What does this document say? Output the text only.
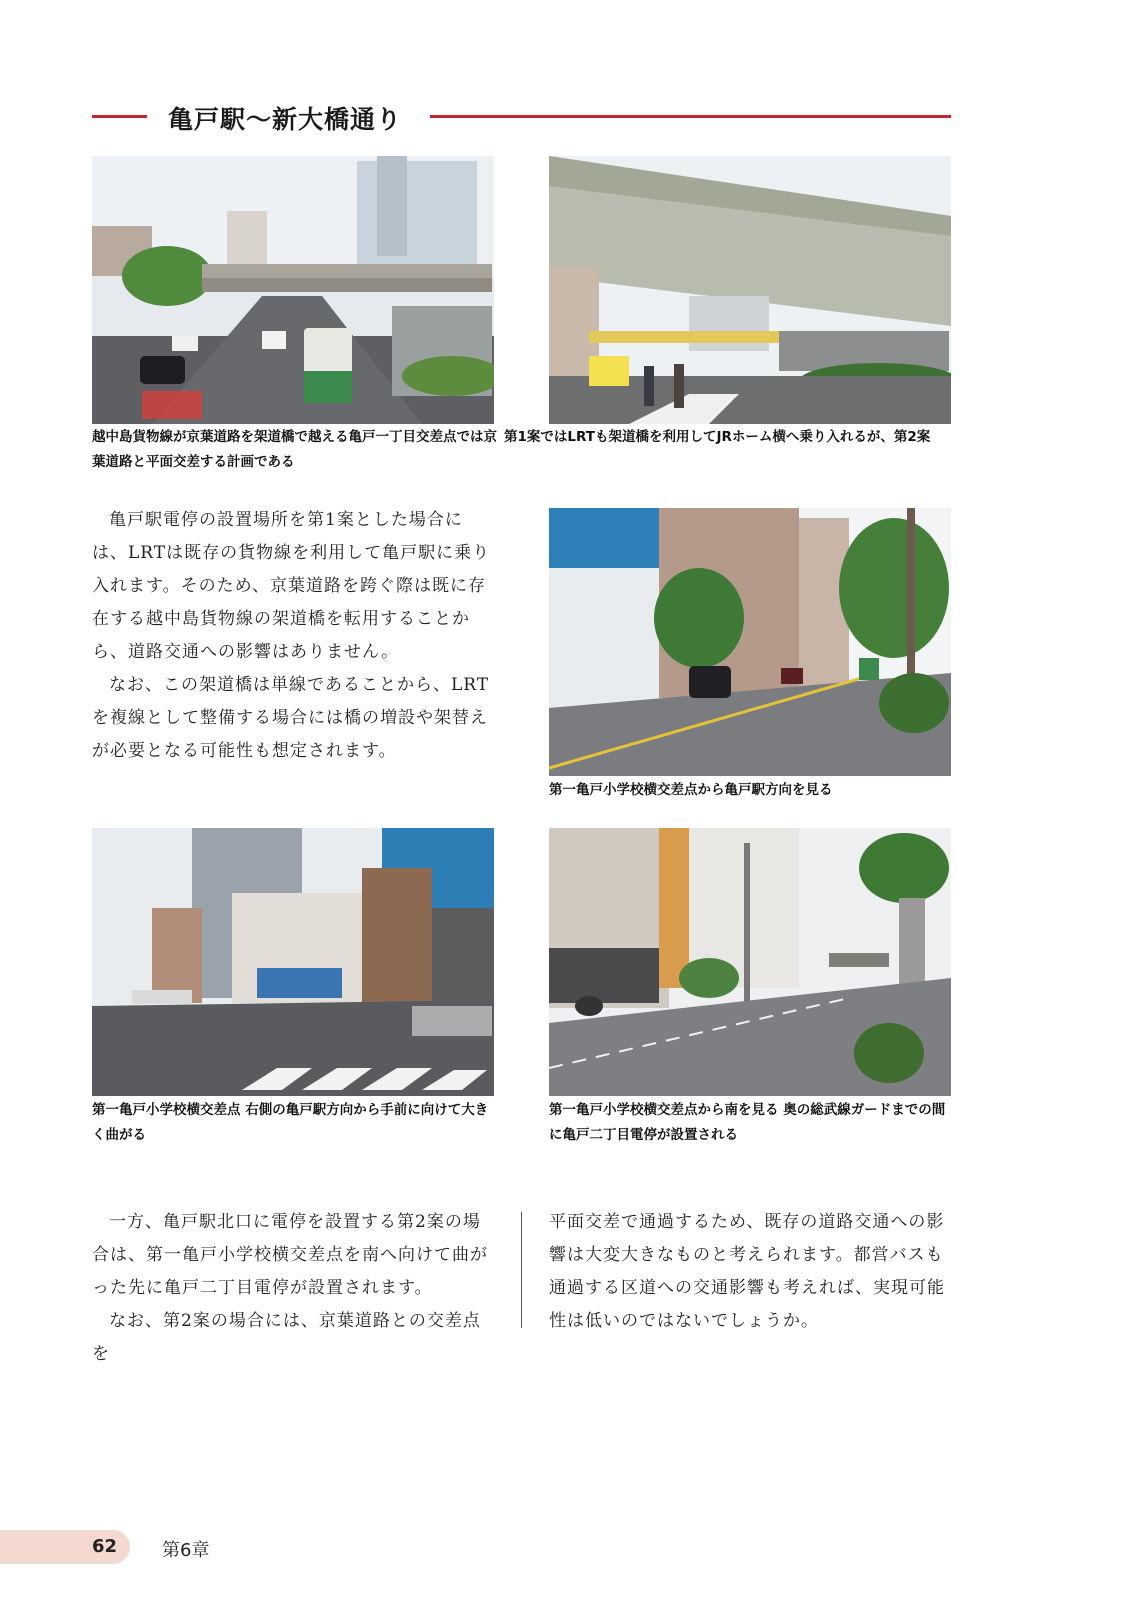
亀戸駅〜新大橋通り
越中島貨物線が京葉道路を架道橋で越える亀戸一丁目交差点では京葉道路と平面交差する計画である
第1案ではLRTも架道橋を利用してJRホーム横へ乗り入れるが、第2案

亀戸駅電停の設置場所を第1案とした場合には、LRTは既存の貨物線を利用して亀戸駅に乗り入れます。そのため、京葉道路を跨ぐ際は既に存在する越中島貨物線の架道橋を転用することから、道路交通への影響はありません。

なお、この架道橋は単線であることから、LRTを複線として整備する場合には橋の増設や架替えが必要となる可能性も想定されます。

第一亀戸小学校横交差点から亀戸駅方向を見る
第一亀戸小学校横交差点 右側の亀戸駅方向から手前に向けて大きく曲がる
第一亀戸小学校横交差点から南を見る 奥の総武線ガードまでの間に亀戸二丁目電停が設置される

一方、亀戸駅北口に電停を設置する第2案の場合は、第一亀戸小学校横交差点を南へ向けて曲がった先に亀戸二丁目電停が設置されます。

なお、第2案の場合には、京葉道路との交差点を

平面交差で通過するため、既存の道路交通への影響は大変大きなものと考えられます。都営バスも通過する区道への交通影響も考えれば、実現可能性は低いのではないでしょうか。

62 第6章
